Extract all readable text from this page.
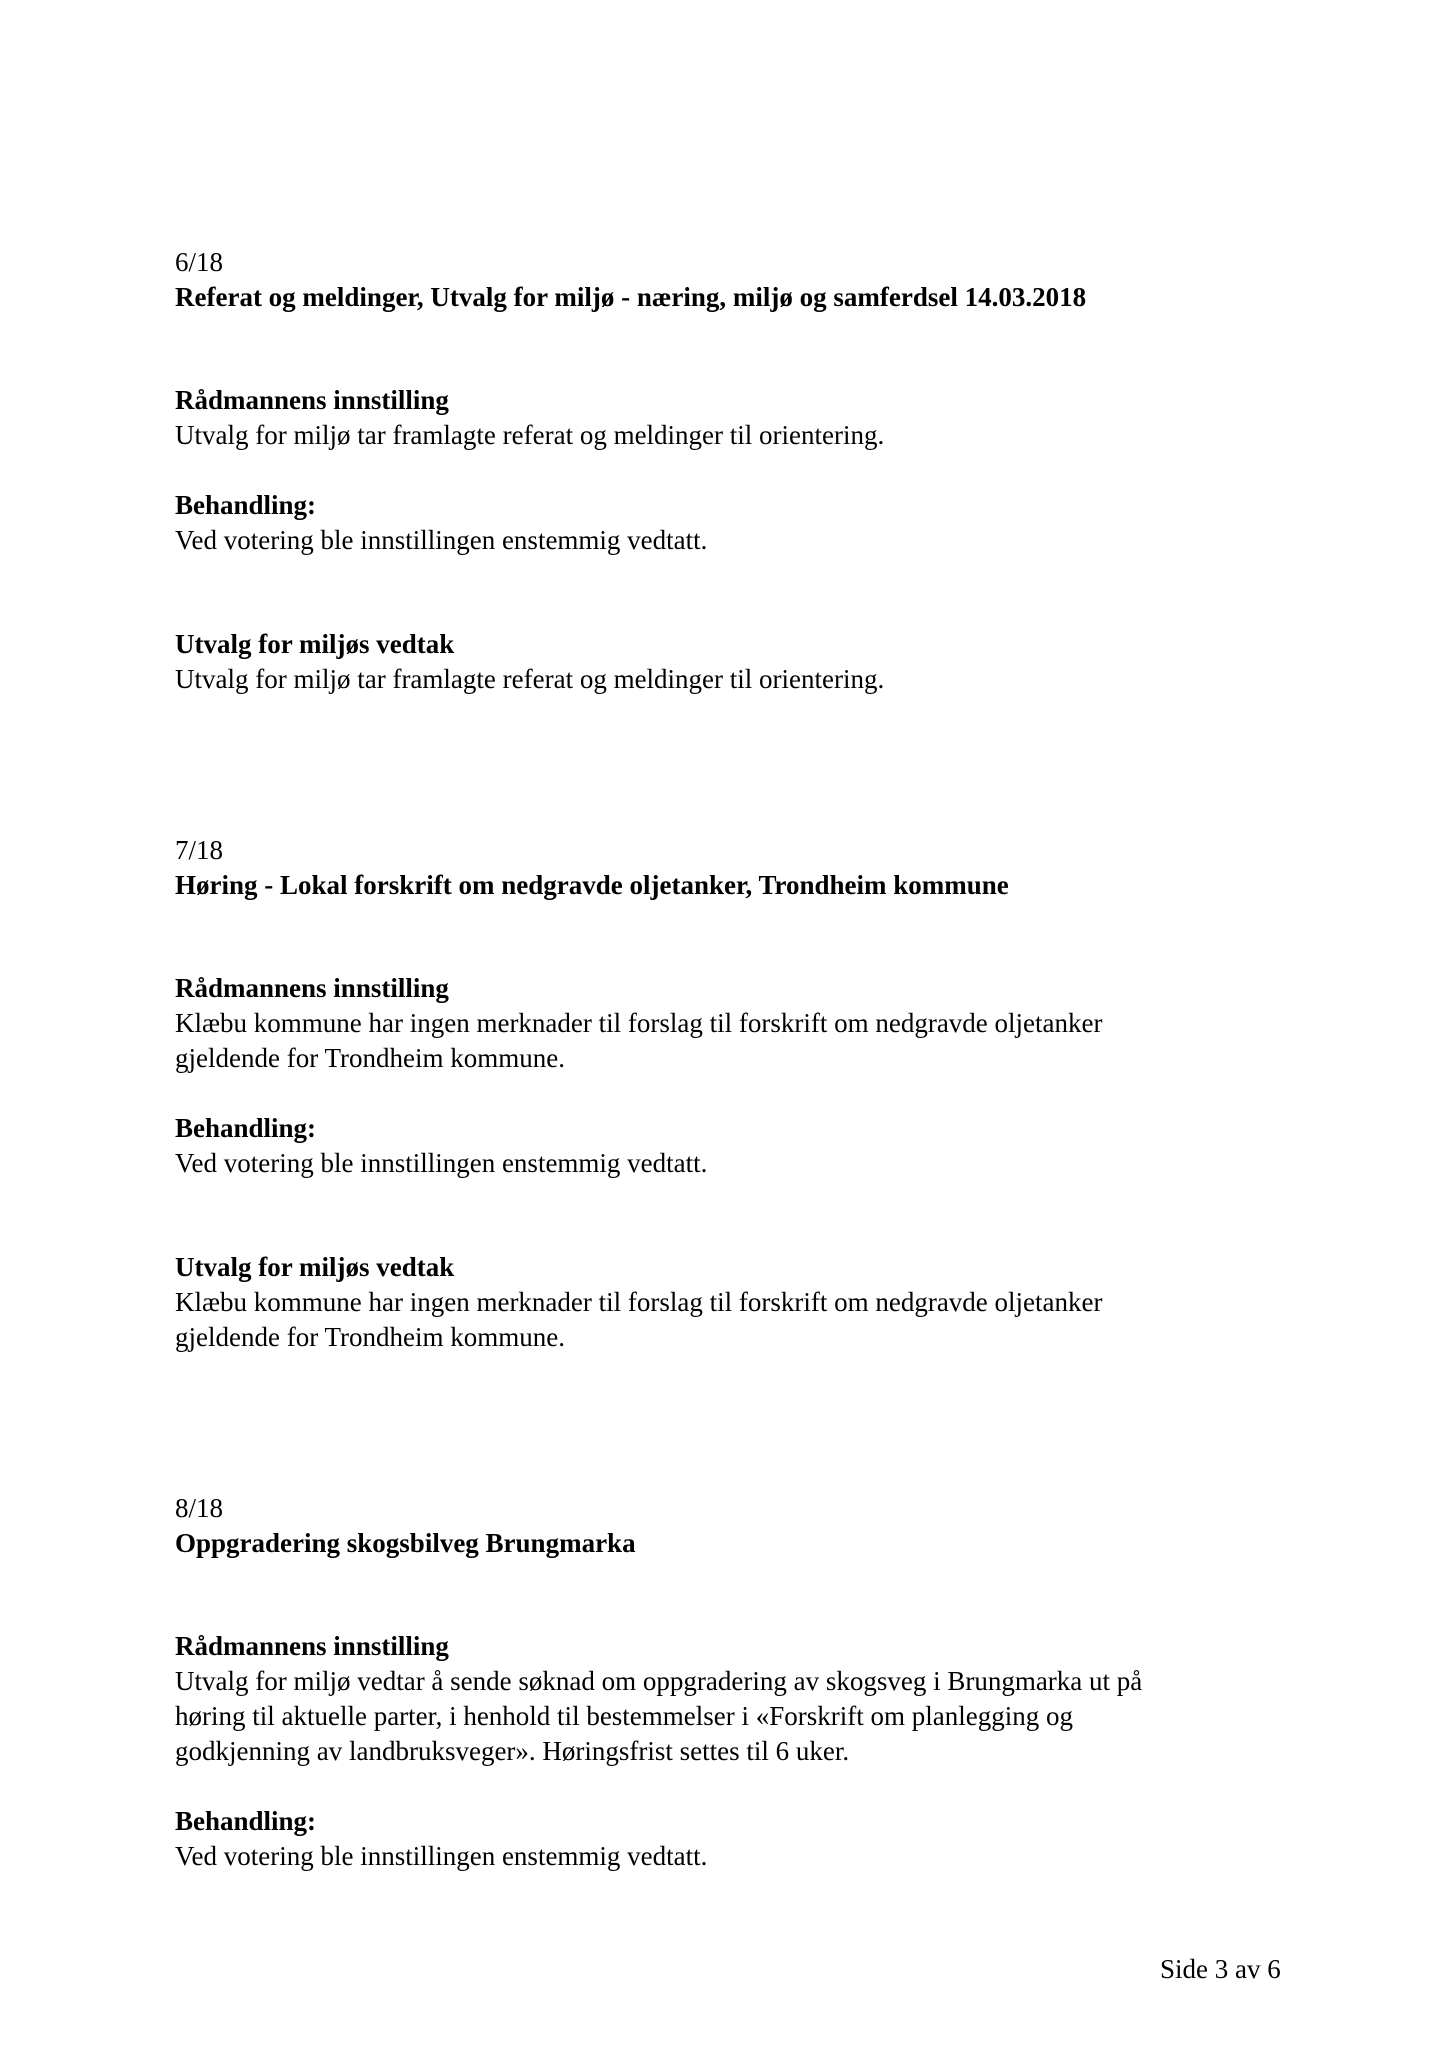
6/18

Referat og meldinger, Utvalg for miljø - næring, miljø og samferdsel 14.03.2018

Rådmannens innstilling

Utvalg for miljø tar framlagte referat og meldinger til orientering.

Behandling:

Ved votering ble innstillingen enstemmig vedtatt.

Utvalg for miljøs vedtak

Utvalg for miljø tar framlagte referat og meldinger til orientering.

7/18

Høring - Lokal forskrift om nedgravde oljetanker, Trondheim kommune

Rådmannens innstilling

Klæbu kommune har ingen merknader til forslag til forskrift om nedgravde oljetanker

gjeldende for Trondheim kommune.

Behandling:

Ved votering ble innstillingen enstemmig vedtatt.

Utvalg for miljøs vedtak

Klæbu kommune har ingen merknader til forslag til forskrift om nedgravde oljetanker

gjeldende for Trondheim kommune.

8/18

Oppgradering skogsbilveg Brungmarka

Rådmannens innstilling

Utvalg for miljø vedtar å sende søknad om oppgradering av skogsveg i Brungmarka ut på

høring til aktuelle parter, i henhold til bestemmelser i «Forskrift om planlegging og

godkjenning av landbruksveger». Høringsfrist settes til 6 uker.

Behandling:

Ved votering ble innstillingen enstemmig vedtatt.

Side 3 av 6
